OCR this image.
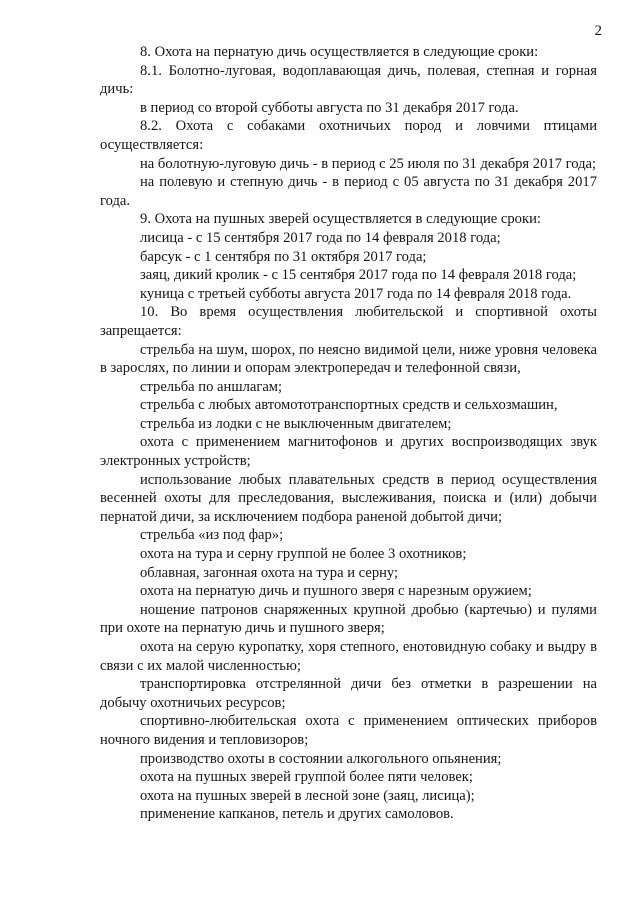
2

8. Охота на пернатую дичь осуществляется в следующие сроки:

8.1. Болотно-луговая, водоплавающая дичь, полевая, степная и горная дичь:

в период со второй субботы августа по 31 декабря 2017 года.

8.2. Охота с собаками охотничьих пород и ловчими птицами осуществляется:

на болотную-луговую дичь - в период с 25 июля по 31 декабря 2017 года;

на полевую и степную дичь - в период с 05 августа по 31 декабря 2017 года.

9. Охота на пушных зверей осуществляется в следующие сроки:

лисица - с 15 сентября 2017 года по 14 февраля 2018 года;

барсук - с 1 сентября по 31 октября 2017 года;

заяц, дикий кролик - с 15 сентября 2017 года по 14 февраля 2018 года;

куница с третьей субботы августа 2017 года по 14 февраля 2018 года.

10. Во время осуществления любительской и спортивной охоты запрещается:

стрельба на шум, шорох, по неясно видимой цели, ниже уровня человека в зарослях, по линии и опорам электропередач и телефонной связи,

стрельба по аншлагам;

стрельба с любых автомототранспортных средств и сельхозмашин,

стрельба из лодки с не выключенным двигателем;

охота с применением магнитофонов и других воспроизводящих звук электронных устройств;

использование любых плавательных средств в период осуществления весенней охоты для преследования, выслеживания, поиска и (или) добычи пернатой дичи, за исключением подбора раненой добытой дичи;

стрельба «из под фар»;

охота на тура и серну группой не более 3 охотников;

облавная, загонная охота на тура и серну;

охота на пернатую дичь и пушного зверя с нарезным оружием;

ношение патронов снаряженных крупной дробью (картечью) и пулями при охоте на пернатую дичь и пушного зверя;

охота на серую куропатку, хоря степного, енотовидную собаку и выдру в связи с их малой численностью;

транспортировка отстрелянной дичи без отметки в разрешении на добычу охотничьих ресурсов;

спортивно-любительская охота с применением оптических приборов ночного видения и тепловизоров;

производство охоты в состоянии алкогольного опьянения;

охота на пушных зверей группой более пяти человек;

охота на пушных зверей в лесной зоне (заяц, лисица);

применение капканов, петель и других самоловов.
